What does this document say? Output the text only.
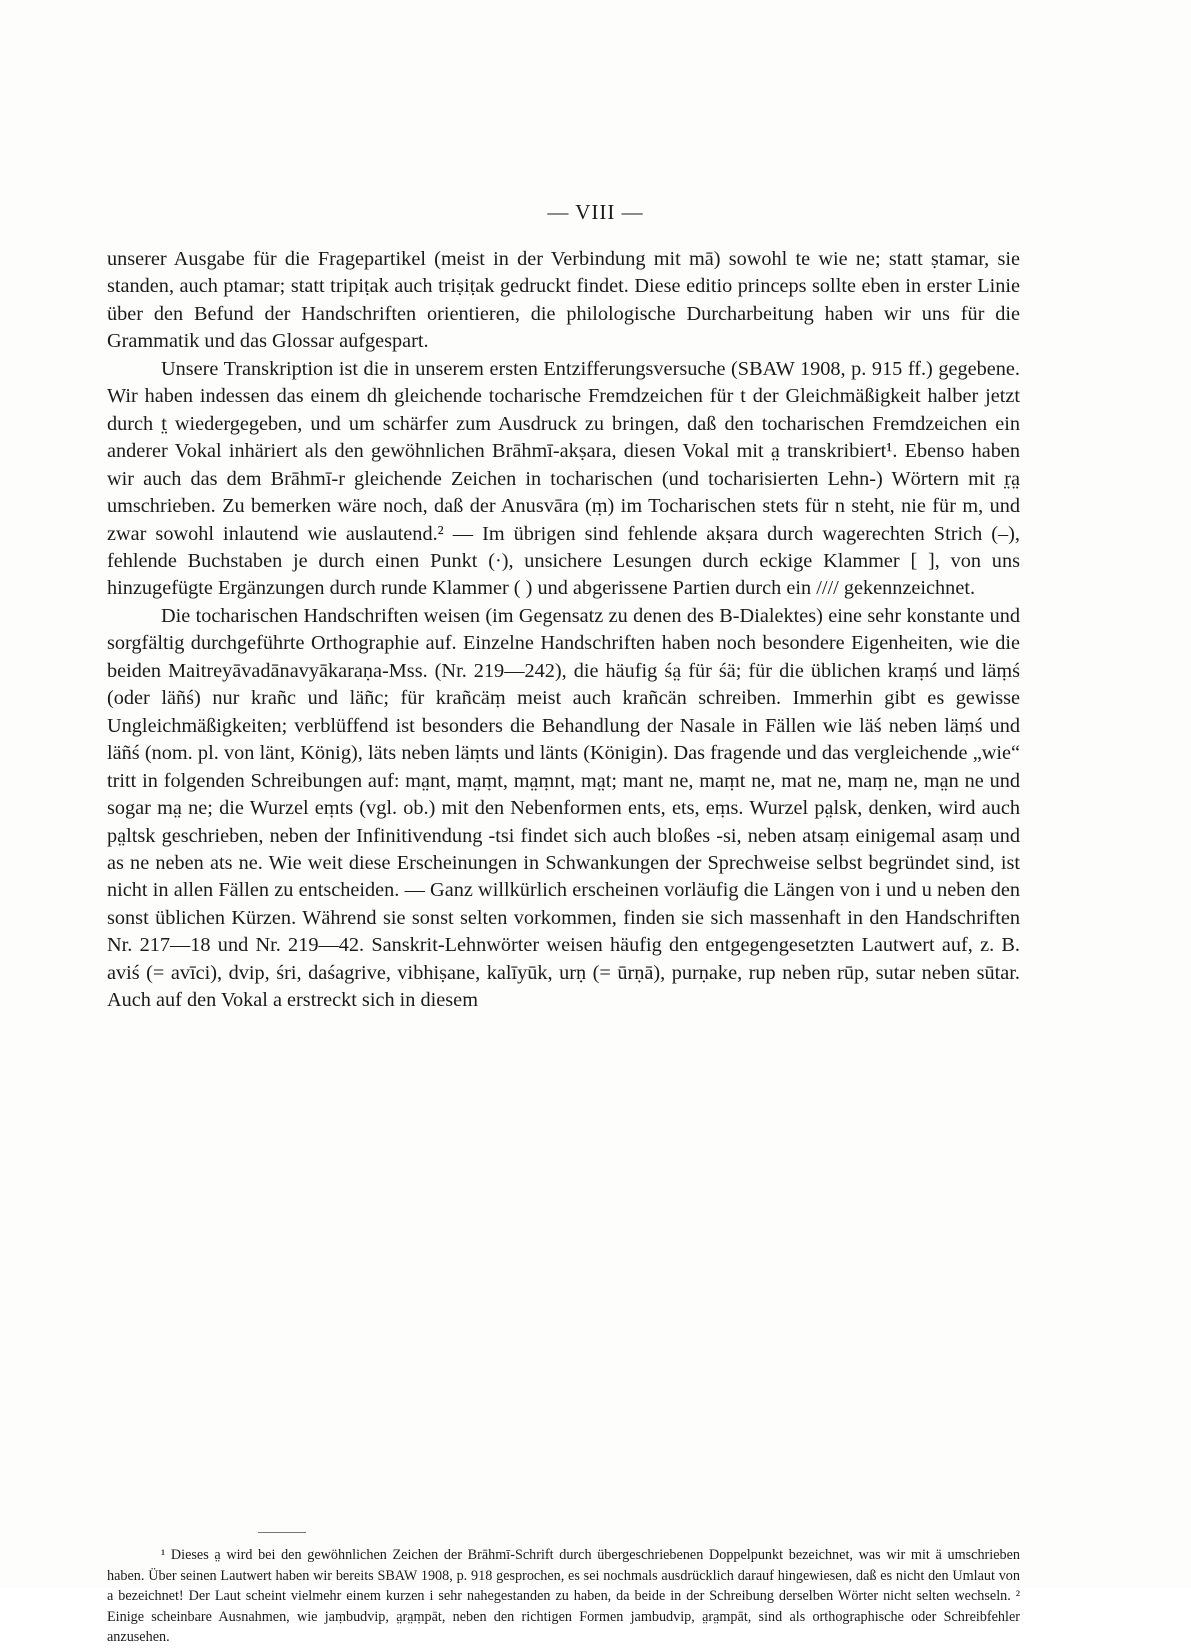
— VIII —

unserer Ausgabe für die Fragepartikel (meist in der Verbindung mit mā) sowohl te wie ne; statt ṣtamar, sie standen, auch ptamar; statt tripiṭak auch triṣiṭak gedruckt findet. Diese editio princeps sollte eben in erster Linie über den Befund der Handschriften orientieren, die philologische Durcharbeitung haben wir uns für die Grammatik und das Glossar aufgespart.

Unsere Transkription ist die in unserem ersten Entzifferungsversuche (SBAW 1908, p. 915 ff.) gegebene. Wir haben indessen das einem dh gleichende tocharische Fremdzeichen für t der Gleichmäßigkeit halber jetzt durch t̤ wiedergegeben, und um schärfer zum Ausdruck zu bringen, daß den tocharischen Fremdzeichen ein anderer Vokal inhäriert als den gewöhnlichen Brāhmī-akṣara, diesen Vokal mit a̤ transkribiert¹. Ebenso haben wir auch das dem Brāhmī-r gleichende Zeichen in tocharischen (und tocharisierten Lehn-) Wörtern mit r̤a̤ umschrieben. Zu bemerken wäre noch, daß der Anusvāra (ṃ) im Tocharischen stets für n steht, nie für m, und zwar sowohl inlautend wie auslautend.² — Im übrigen sind fehlende akṣara durch wagerechten Strich (–), fehlende Buchstaben je durch einen Punkt (·), unsichere Lesungen durch eckige Klammer [ ], von uns hinzugefügte Ergänzungen durch runde Klammer ( ) und abgerissene Partien durch ein //// gekennzeichnet.

Die tocharischen Handschriften weisen (im Gegensatz zu denen des B-Dialektes) eine sehr konstante und sorgfältig durchgeführte Orthographie auf. Einzelne Handschriften haben noch besondere Eigenheiten, wie die beiden Maitreyāvadānavyākaraṇa-Mss. (Nr. 219—242), die häufig śa̤ für śä; für die üblichen kraṃś und läṃś (oder läñś) nur krañc und läñc; für krañcäṃ meist auch krañcän schreiben. Immerhin gibt es gewisse Ungleichmäßigkeiten; verblüffend ist besonders die Behandlung der Nasale in Fällen wie läś neben läṃś und läñś (nom. pl. von länt, König), läts neben läṃts und länts (Königin). Das fragende und das vergleichende „wie“ tritt in folgenden Schreibungen auf: ma̤nt, ma̤ṃt, ma̤ṃnt, ma̤t; mant ne, maṃt ne, mat ne, maṃ ne, ma̤n ne und sogar ma̤ ne; die Wurzel eṃts (vgl. ob.) mit den Nebenformen ents, ets, eṃs. Wurzel pa̤lsk, denken, wird auch pa̤ltsk geschrieben, neben der Infinitivendung -tsi findet sich auch bloßes -si, neben atsaṃ einigemal asaṃ und as ne neben ats ne. Wie weit diese Erscheinungen in Schwankungen der Sprechweise selbst begründet sind, ist nicht in allen Fällen zu entscheiden. — Ganz willkürlich erscheinen vorläufig die Längen von i und u neben den sonst üblichen Kürzen. Während sie sonst selten vorkommen, finden sie sich massenhaft in den Handschriften Nr. 217—18 und Nr. 219—42. Sanskrit-Lehnwörter weisen häufig den entgegengesetzten Lautwert auf, z. B. aviś (= avīci), dvip, śri, daśagrive, vibhiṣane, kalīyūk, urṇ (= ūrṇā), purṇake, rup neben rūp, sutar neben sūtar. Auch auf den Vokal a erstreckt sich in diesem

¹ Dieses a̤ wird bei den gewöhnlichen Zeichen der Brāhmī-Schrift durch übergeschriebenen Doppelpunkt bezeichnet, was wir mit ä umschrieben haben. Über seinen Lautwert haben wir bereits SBAW 1908, p. 918 gesprochen, es sei nochmals ausdrücklich darauf hingewiesen, daß es nicht den Umlaut von a bezeichnet! Der Laut scheint vielmehr einem kurzen i sehr nahegestanden zu haben, da beide in der Schreibung derselben Wörter nicht selten wechseln. ² Einige scheinbare Ausnahmen, wie jaṃbudvip, a̤ra̤ṃpāt, neben den richtigen Formen jambudvip, a̤ra̤mpāt, sind als orthographische oder Schreibfehler anzusehen.
